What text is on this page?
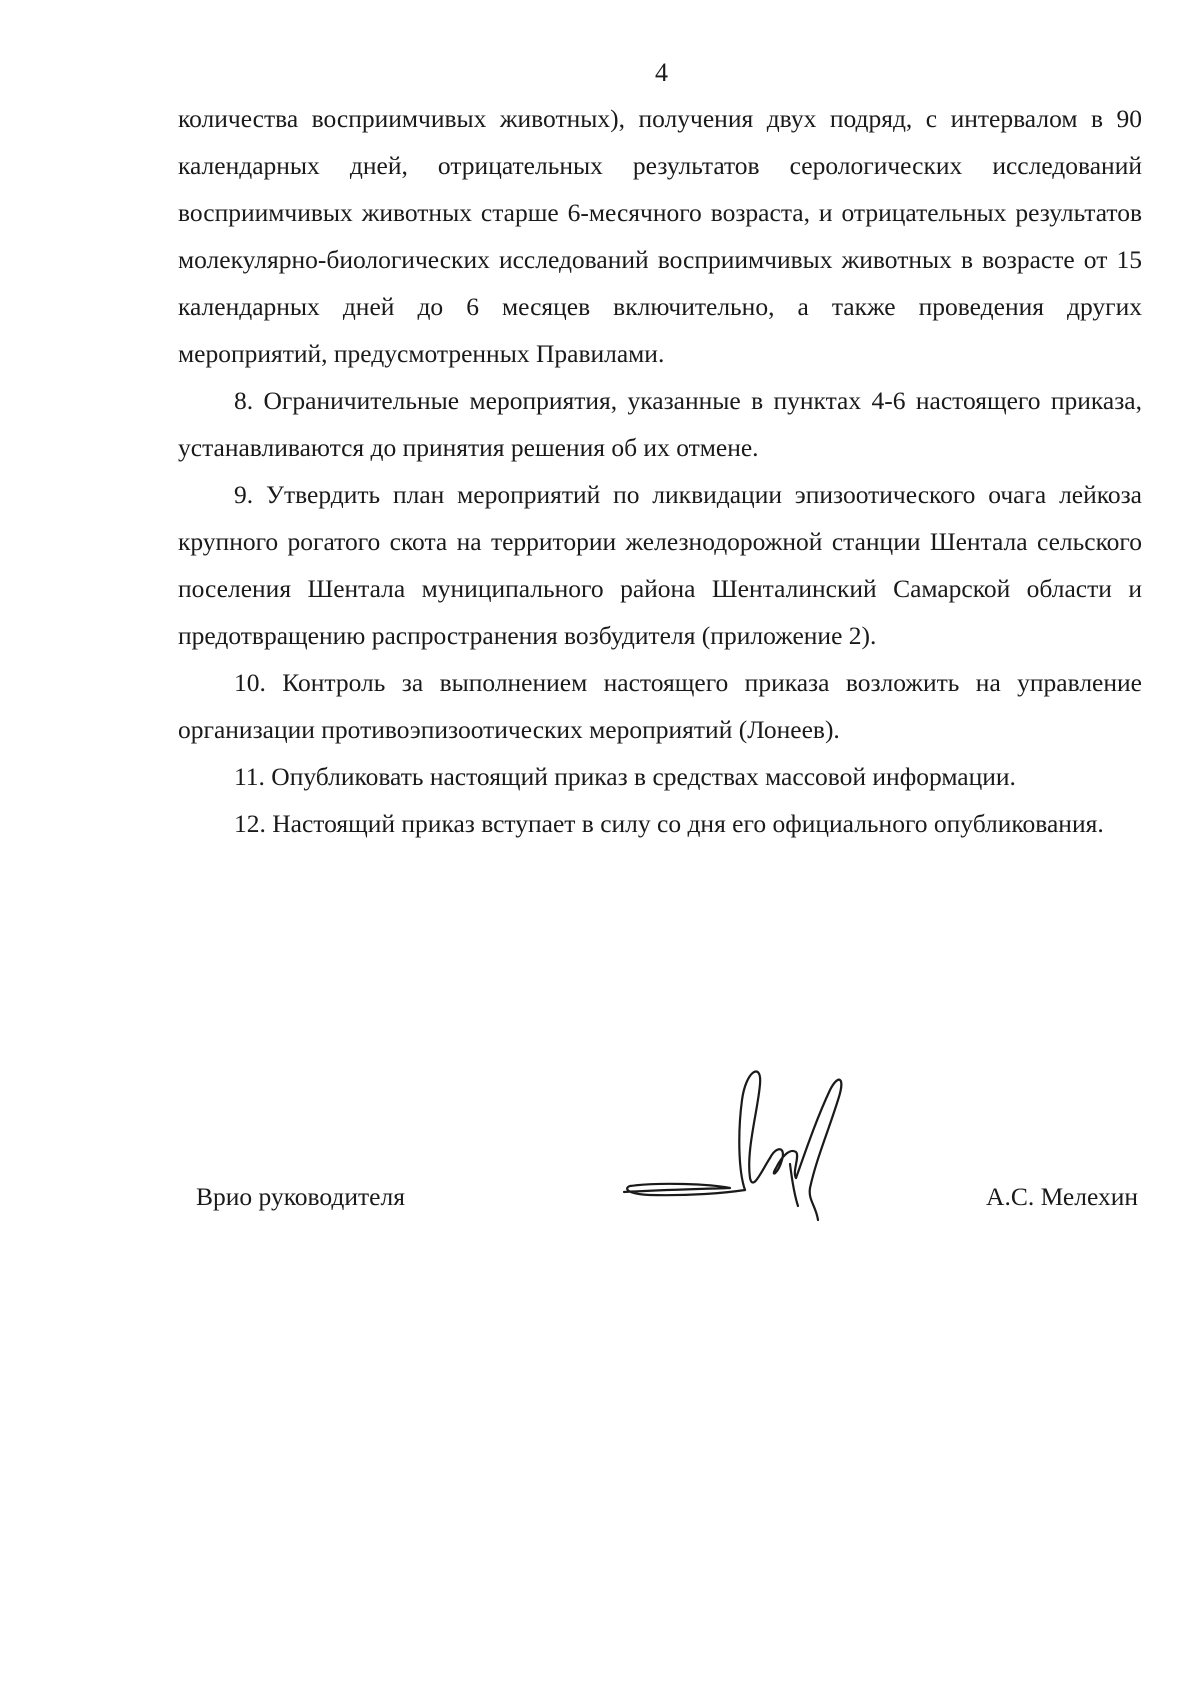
4

количества восприимчивых животных), получения двух подряд, с интервалом в 90 календарных дней, отрицательных результатов серологических исследований восприимчивых животных старше 6-месячного возраста, и отрицательных результатов молекулярно-биологических исследований восприимчивых животных в возрасте от 15 календарных дней до 6 месяцев включительно, а также проведения других мероприятий, предусмотренных Правилами.

8. Ограничительные мероприятия, указанные в пунктах 4-6 настоящего приказа, устанавливаются до принятия решения об их отмене.

9. Утвердить план мероприятий по ликвидации эпизоотического очага лейкоза крупного рогатого скота на территории железнодорожной станции Шентала сельского поселения Шентала муниципального района Шенталинский Самарской области и предотвращению распространения возбудителя (приложение 2).

10. Контроль за выполнением настоящего приказа возложить на управление организации противоэпизоотических мероприятий (Лонеев).

11. Опубликовать настоящий приказ в средствах массовой информации.

12. Настоящий приказ вступает в силу со дня его официального опубликования.

Врио руководителя	А.С. Мелехин
